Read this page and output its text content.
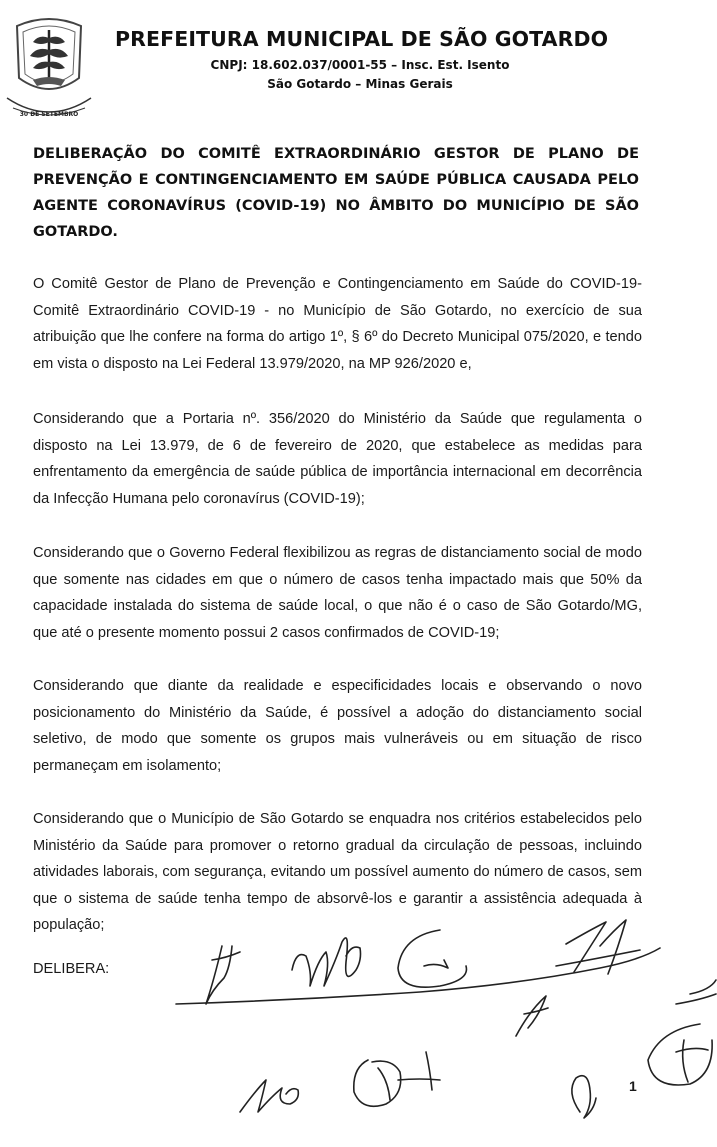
30 DE SETEMBRO
PREFEITURA MUNICIPAL DE SÃO GOTARDO
CNPJ: 18.602.037/0001-55 – Insc. Est. Isento
São Gotardo – Minas Gerais

DELIBERAÇÃO DO COMITÊ EXTRAORDINÁRIO GESTOR DE PLANO DE PREVENÇÃO E CONTINGENCIAMENTO EM SAÚDE PÚBLICA CAUSADA PELO AGENTE CORONAVÍRUS (COVID-19) NO ÂMBITO DO MUNICÍPIO DE SÃO GOTARDO.

O Comitê Gestor de Plano de Prevenção e Contingenciamento em Saúde do COVID-19-Comitê Extraordinário COVID-19 - no Município de São Gotardo, no exercício de sua atribuição que lhe confere na forma do artigo 1º, § 6º do Decreto Municipal 075/2020, e tendo em vista o disposto na Lei Federal 13.979/2020, na MP 926/2020 e,

Considerando que a Portaria nº. 356/2020 do Ministério da Saúde que regulamenta o disposto na Lei 13.979, de 6 de fevereiro de 2020, que estabelece as medidas para enfrentamento da emergência de saúde pública de importância internacional em decorrência da Infecção Humana pelo coronavírus (COVID-19);

Considerando que o Governo Federal flexibilizou as regras de distanciamento social de modo que somente nas cidades em que o número de casos tenha impactado mais que 50% da capacidade instalada do sistema de saúde local, o que não é o caso de São Gotardo/MG, que até o presente momento possui 2 casos confirmados de COVID-19;

Considerando que diante da realidade e especificidades locais e observando o novo posicionamento do Ministério da Saúde, é possível a adoção do distanciamento social seletivo, de modo que somente os grupos mais vulneráveis ou em situação de risco permaneçam em isolamento;

Considerando que o Município de São Gotardo se enquadra nos critérios estabelecidos pelo Ministério da Saúde para promover o retorno gradual da circulação de pessoas, incluindo atividades laborais, com segurança, evitando um possível aumento do número de casos, sem que o sistema de saúde tenha tempo de absorvê-los e garantir a assistência adequada à população;

DELIBERA:

1
